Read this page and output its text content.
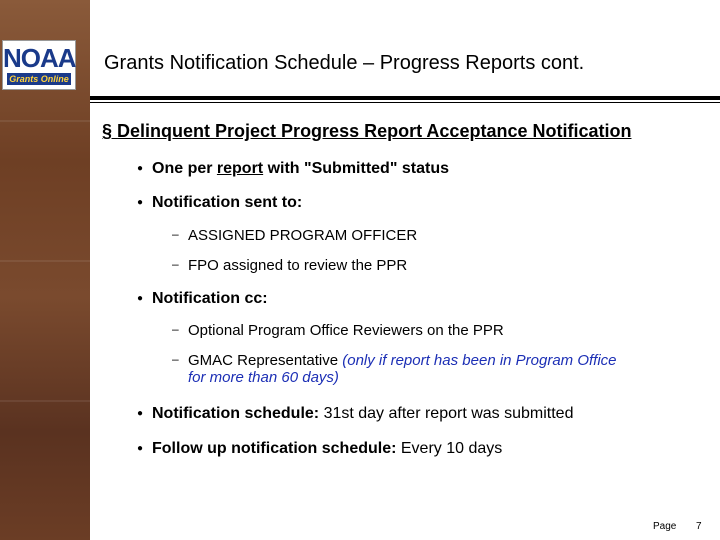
NOAA
Grants Online
Grants Notification Schedule – Progress Reports cont.
§ Delinquent Project Progress Report Acceptance Notification
● One per report with "Submitted" status
● Notification sent to:
– ASSIGNED PROGRAM OFFICER
– FPO assigned to review the PPR
● Notification cc:
– Optional Program Office Reviewers on the PPR
– GMAC Representative (only if report has been in Program Office
for more than 60 days)
● Notification schedule: 31st day after report was submitted
● Follow up notification schedule: Every 10 days
Page 7
